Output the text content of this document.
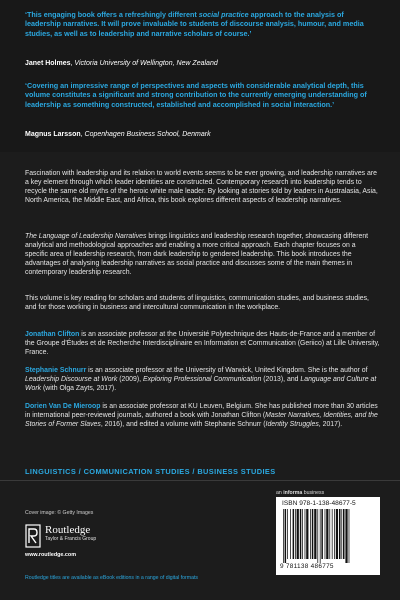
‘This engaging book offers a refreshingly different social practice approach to the analysis of leadership narratives. It will prove invaluable to students of discourse analysis, humour, and media studies, as well as to leadership and narrative scholars of course.’

Janet Holmes, Victoria University of Wellington, New Zealand

‘Covering an impressive range of perspectives and aspects with considerable analytical depth, this volume constitutes a significant and strong contribution to the currently emerging understanding of leadership as something constructed, established and accomplished in social interaction.’

Magnus Larsson, Copenhagen Business School, Denmark

Fascination with leadership and its relation to world events seems to be ever growing, and leadership narratives are a key element through which leader identities are constructed. Contemporary research into leadership tends to recycle the same old myths of the heroic white male leader. By looking at stories told by leaders in Australasia, Asia, North America, the Middle East, and Africa, this book explores different aspects of leadership narratives.

The Language of Leadership Narratives brings linguistics and leadership research together, showcasing different analytical and methodological approaches and enabling a more critical approach. Each chapter focuses on a specific area of leadership research, from dark leadership to gendered leadership. This book introduces the advantages of analysing leadership narratives as social practice and discusses some of the main themes in contemporary leadership research.

This volume is key reading for scholars and students of linguistics, communication studies, and business studies, and for those working in business and intercultural communication in the workplace.

Jonathan Clifton is an associate professor at the Université Polytechnique des Hauts-de-France and a member of the Groupe d’Études et de Recherche Interdisciplinaire en Information et Communication (Geriico) at Lille University, France.

Stephanie Schnurr is an associate professor at the University of Warwick, United Kingdom. She is the author of Leadership Discourse at Work (2009), Exploring Professional Communication (2013), and Language and Culture at Work (with Olga Zayts, 2017).

Dorien Van De Mieroop is an associate professor at KU Leuven, Belgium. She has published more than 30 articles in international peer-reviewed journals, authored a book with Jonathan Clifton (Master Narratives, Identities, and the Stories of Former Slaves, 2016), and edited a volume with Stephanie Schnurr (Identity Struggles, 2017).

LINGUISTICS / COMMUNICATION STUDIES / BUSINESS STUDIES
Cover image: © Getty Images
Routledge
Taylor & Francis Group
www.routledge.com
Routledge titles are available as eBook editions in a range of digital formats
an informa business
ISBN 978-1-138-48677-5
9 781138 486775
